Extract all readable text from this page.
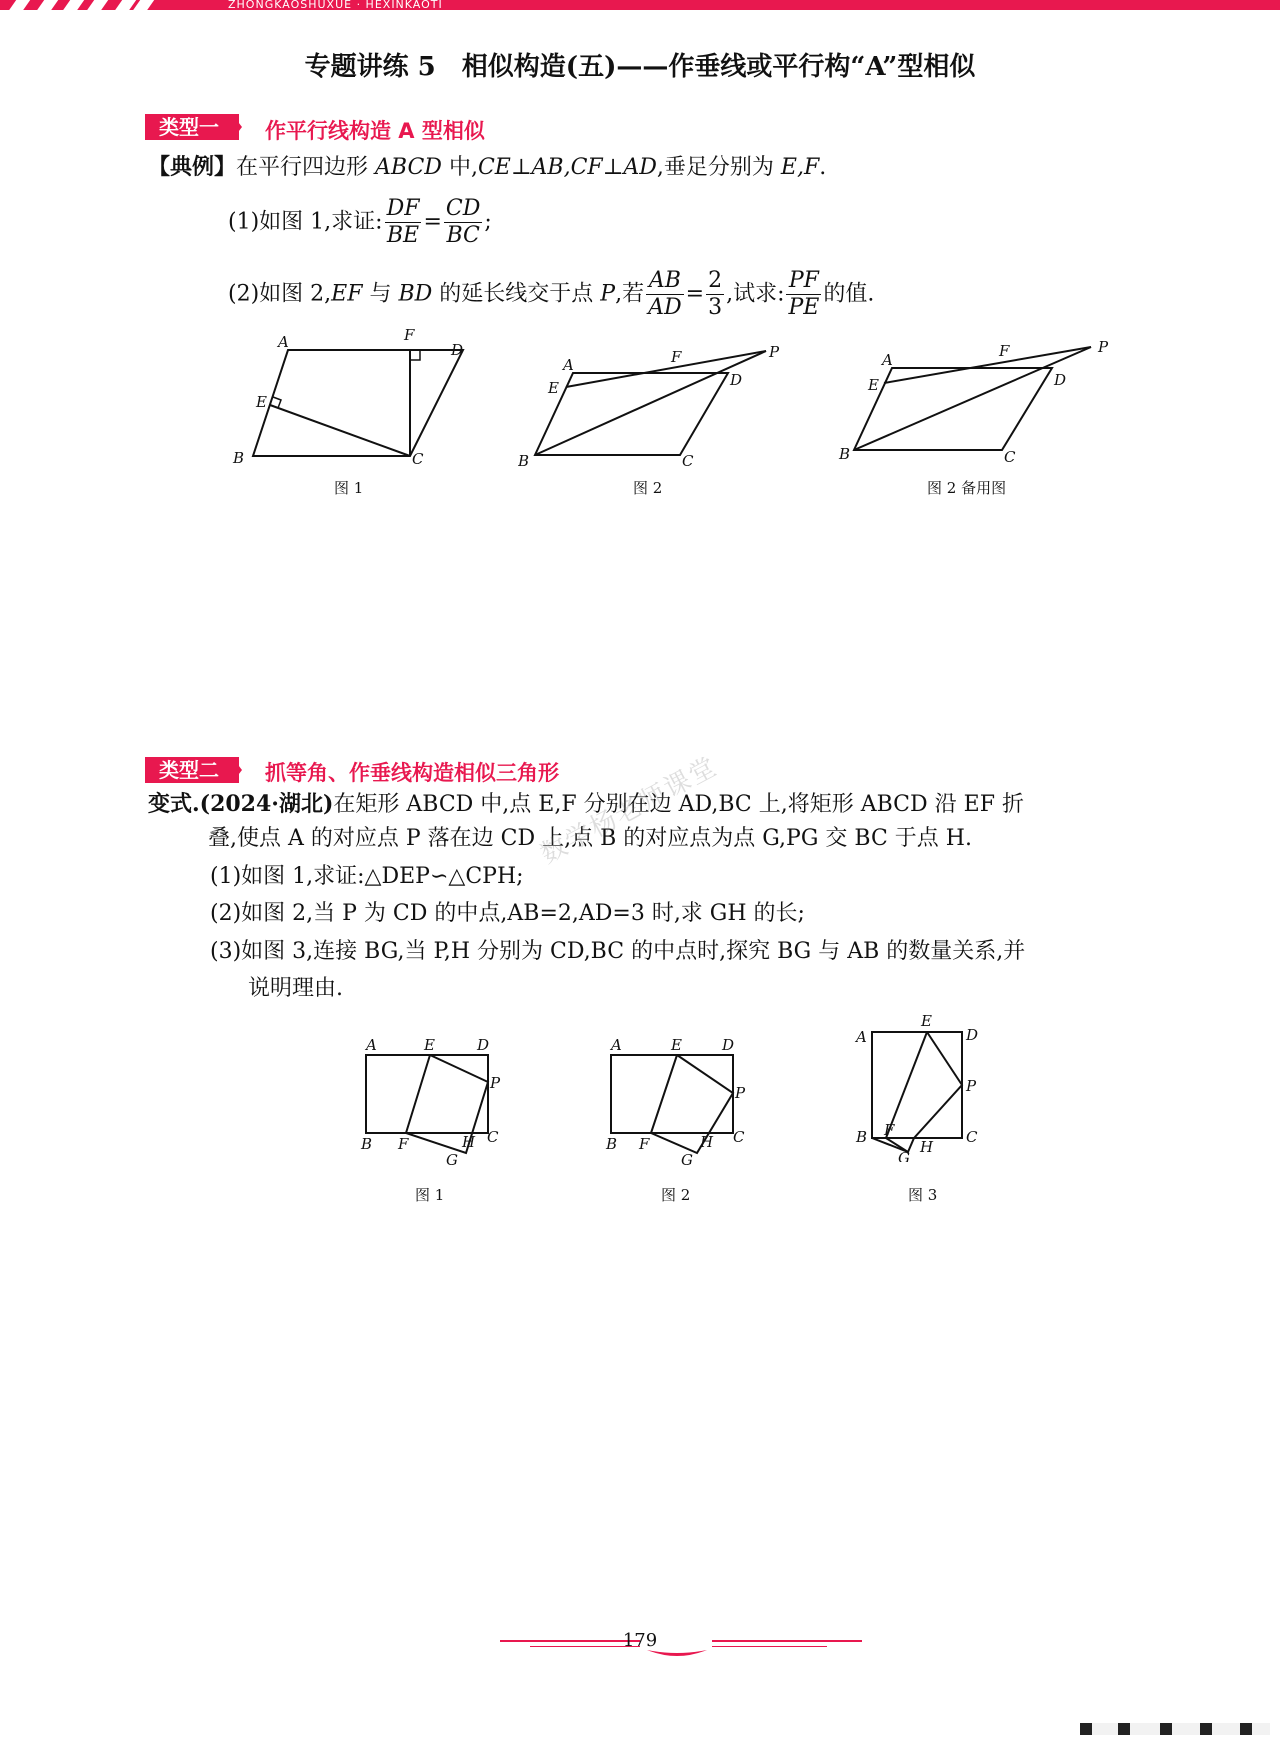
ZHONGKAOSHUXUE · HEXINKAOTI
专题讲练 5　相似构造(五)——作垂线或平行构“A”型相似
类型一	作平行线构造 A 型相似
【典例】在平行四边形 ABCD 中,CE⊥AB,CF⊥AD,垂足分别为 E,F.
(1)如图 1,求证: $\frac{DF}{BE} = \frac{CD}{BC}$ ;
(2)如图 2,EF 与 BD 的延长线交于点 P,若 $\frac{AB}{AD} = \frac{2}{3}$ ,试求: $\frac{PF}{PE}$ 的值.
A	F
D
E
B	C
图 1
A	F	P
E	D
B	C
图 2
A	F	P
E	D
B	C
图 2 备用图
类型二	抓等角、作垂线构造相似三角形
变式.(2024·湖北)在矩形 ABCD 中,点 E,F 分别在边 AD,BC 上,将矩形 ABCD 沿 EF 折
叠,使点 A 的对应点 P 落在边 CD 上,点 B 的对应点为点 G,PG 交 BC 于点 H.
(1)如图 1,求证:△DEP∽△CPH;
(2)如图 2,当 P 为 CD 的中点,AB=2,AD=3 时,求 GH 的长;
(3)如图 3,连接 BG,当 P,H 分别为 CD,BC 的中点时,探究 BG 与 AB 的数量关系,并
说明理由.
数学杨老师课堂
A	E	D
P
B F	H C
G
图 1
A	E	D
P
B F	H C
G
图 2
A
E
D
P
B F	C
H
G
图 3
179
